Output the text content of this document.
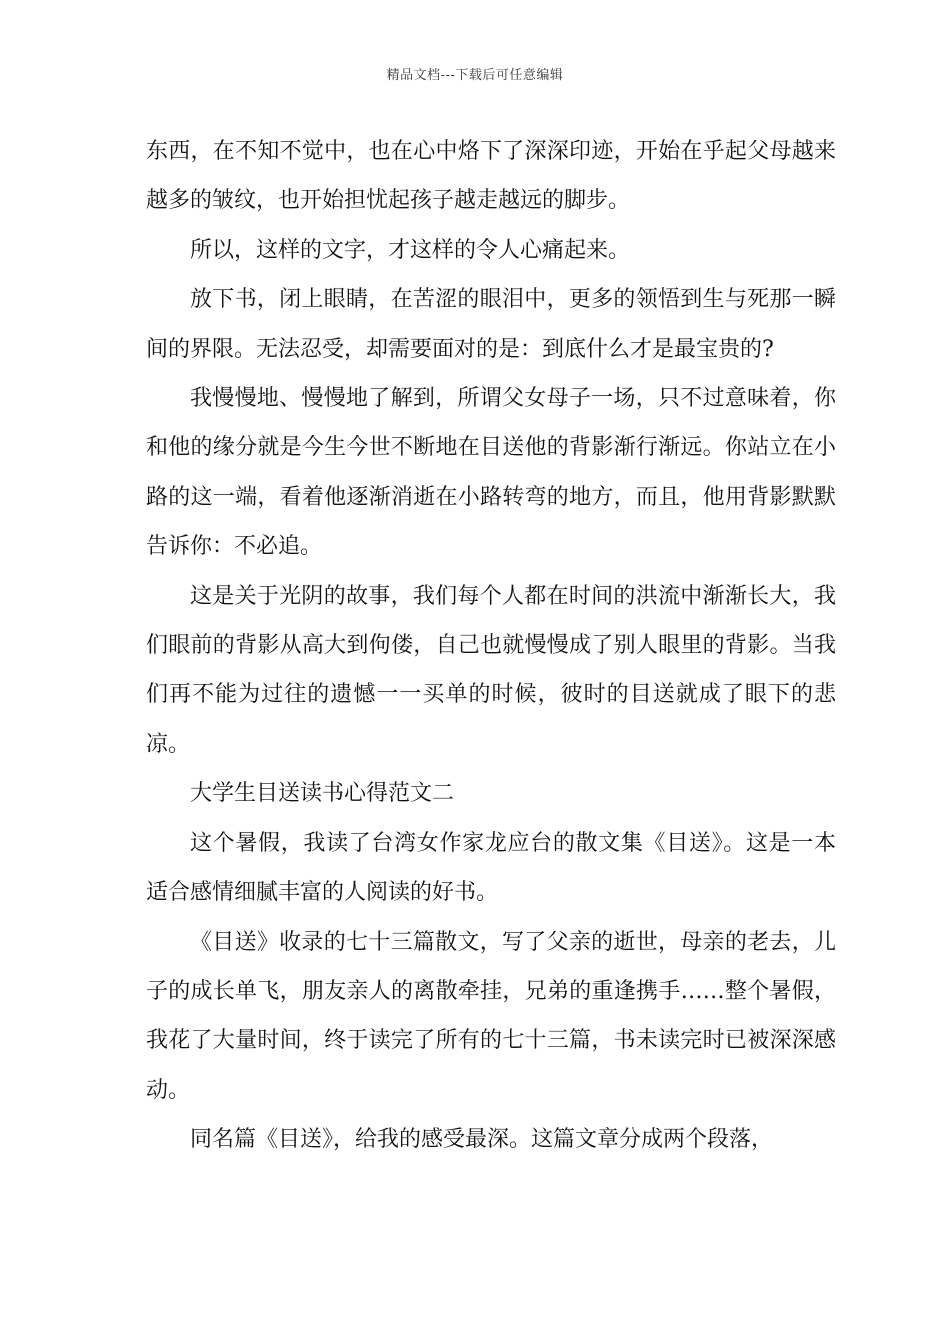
精品文档---下载后可任意编辑

东西，在不知不觉中，也在心中烙下了深深印迹，开始在乎起父母越来越多的皱纹，也开始担忧起孩子越走越远的脚步。

所以，这样的文字，才这样的令人心痛起来。

放下书，闭上眼睛，在苦涩的眼泪中，更多的领悟到生与死那一瞬间的界限。无法忍受，却需要面对的是：到底什么才是最宝贵的?

我慢慢地、慢慢地了解到，所谓父女母子一场，只不过意味着，你和他的缘分就是今生今世不断地在目送他的背影渐行渐远。你站立在小路的这一端，看着他逐渐消逝在小路转弯的地方，而且，他用背影默默告诉你：不必追。

这是关于光阴的故事，我们每个人都在时间的洪流中渐渐长大，我们眼前的背影从高大到佝偻，自己也就慢慢成了别人眼里的背影。当我们再不能为过往的遗憾一一买单的时候，彼时的目送就成了眼下的悲凉。

大学生目送读书心得范文二

这个暑假，我读了台湾女作家龙应台的散文集《目送》。这是一本适合感情细腻丰富的人阅读的好书。

《目送》收录的七十三篇散文，写了父亲的逝世，母亲的老去，儿子的成长单飞，朋友亲人的离散牵挂，兄弟的重逢携手……整个暑假，我花了大量时间，终于读完了所有的七十三篇，书未读完时已被深深感动。

同名篇《目送》，给我的感受最深。这篇文章分成两个段落，
